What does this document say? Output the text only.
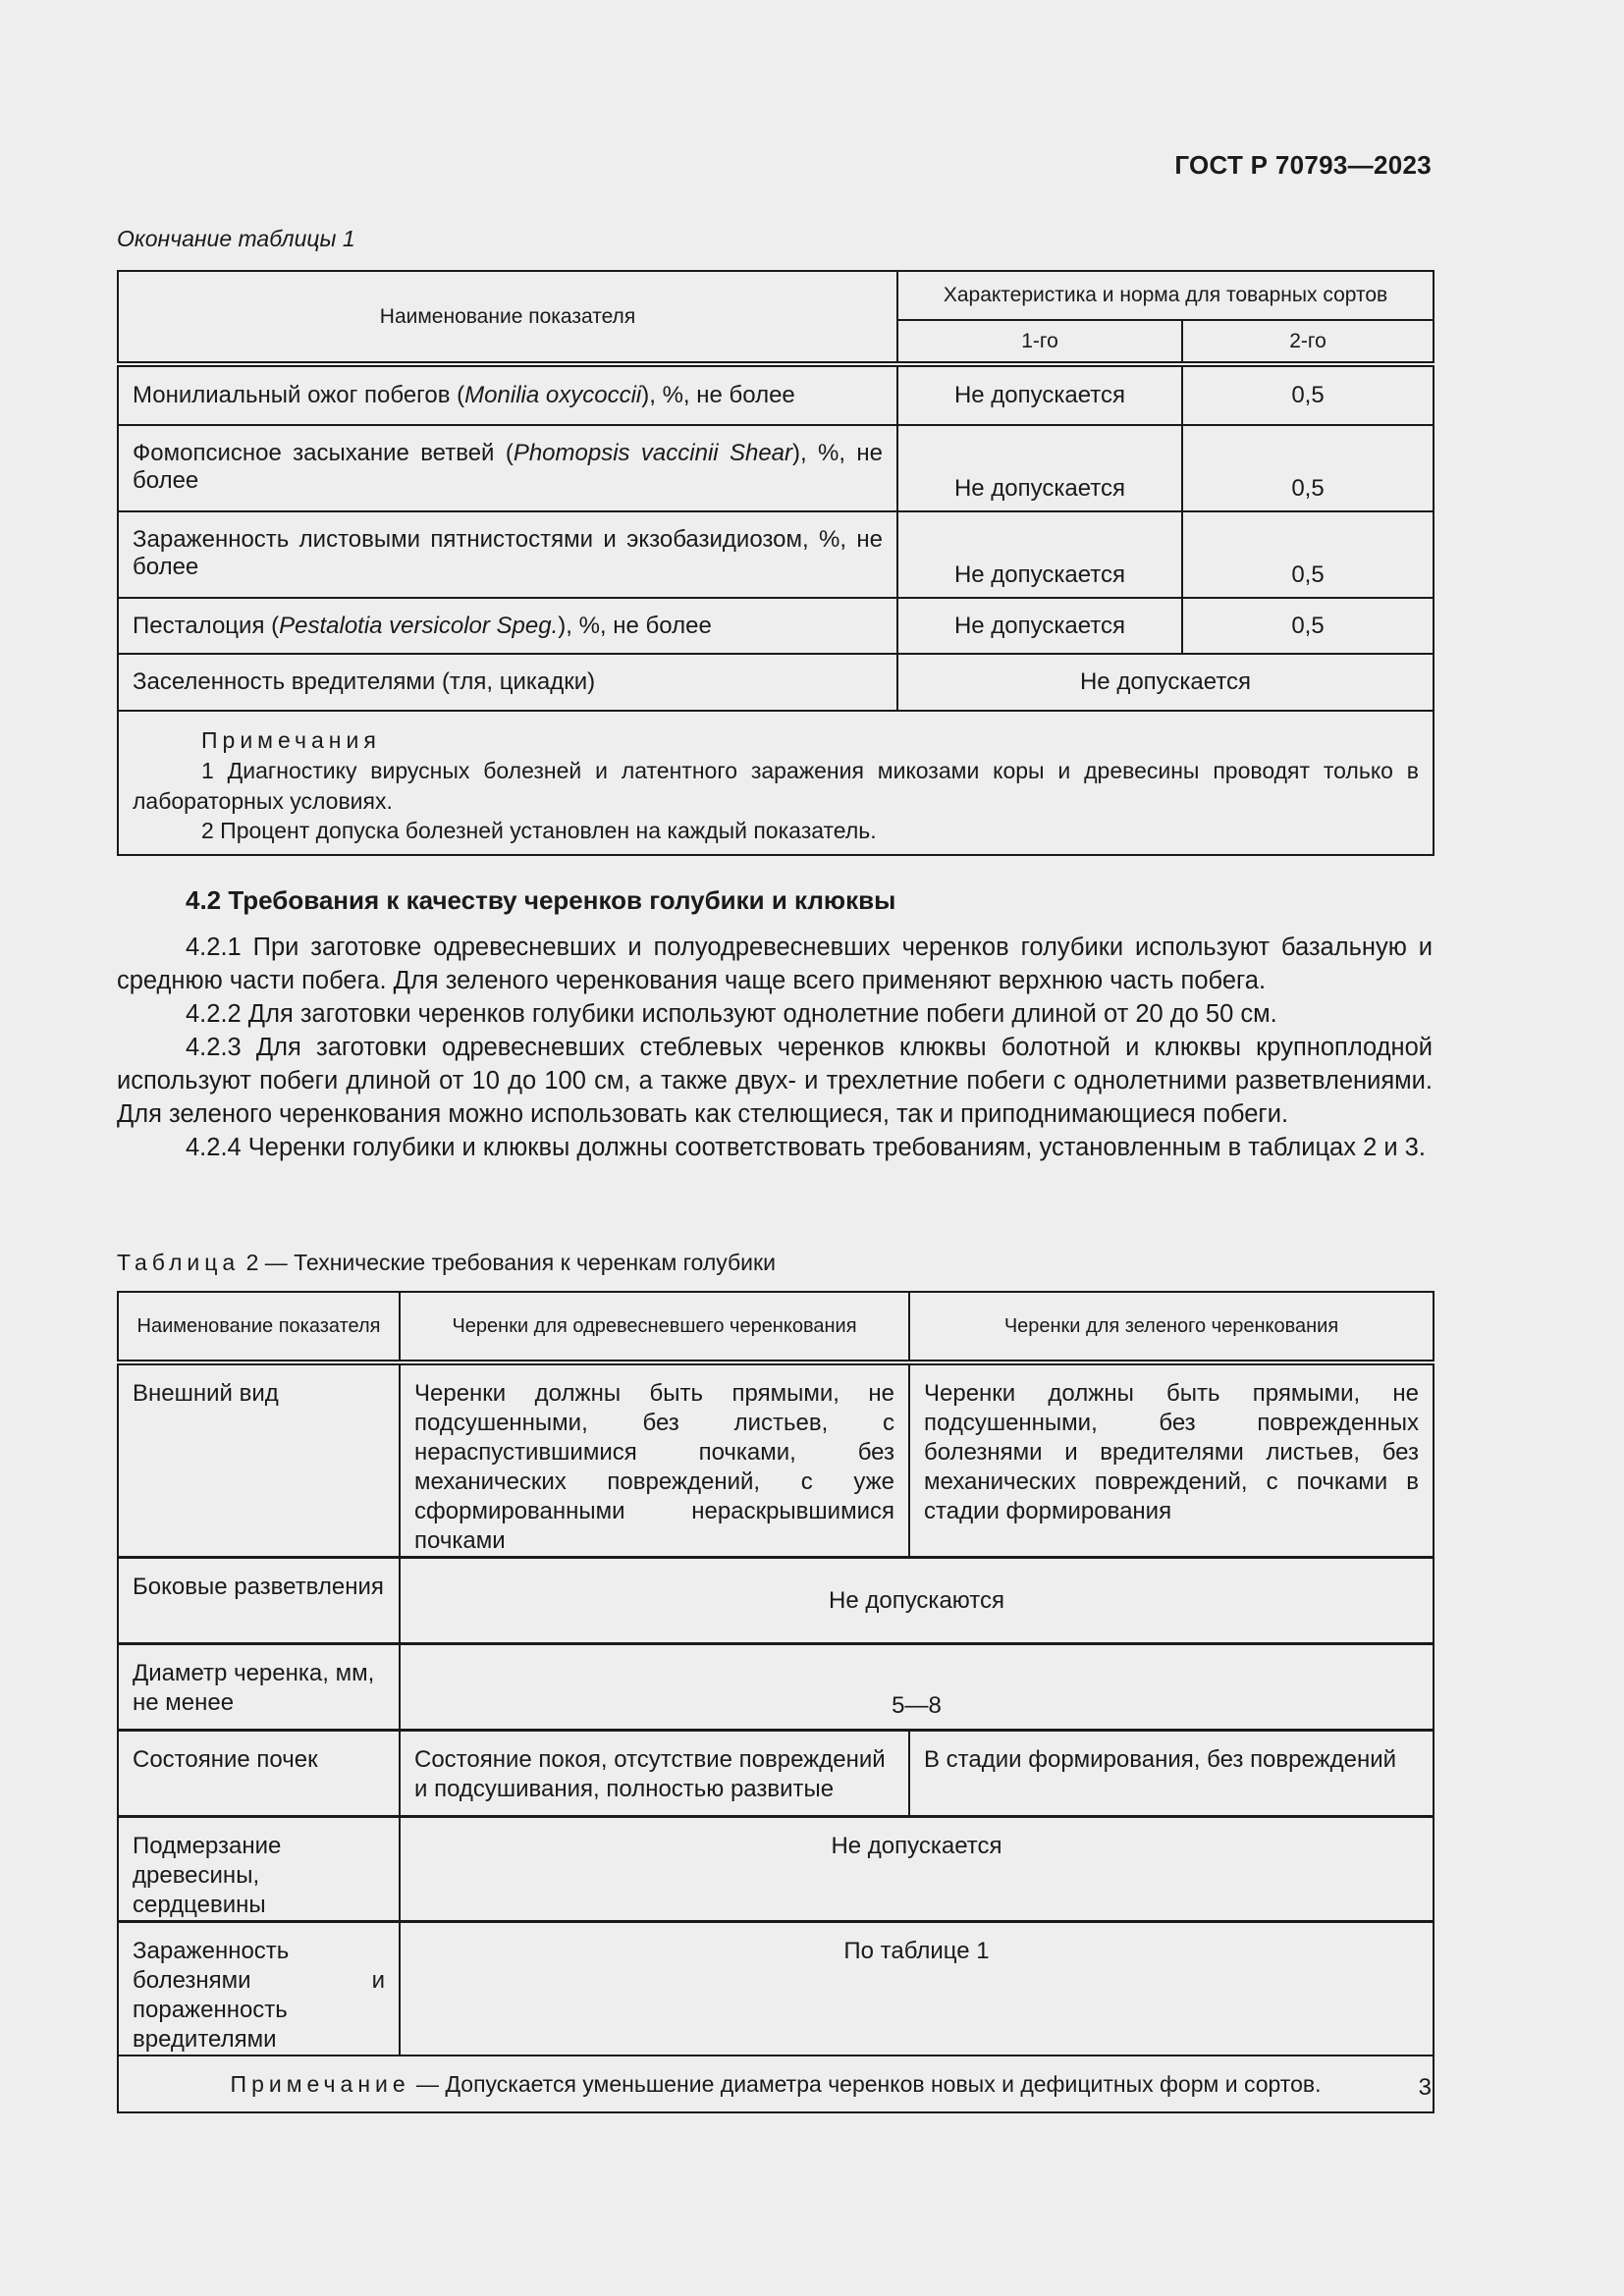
ГОСТ Р 70793—2023
Окончание таблицы 1
Наименование показателя	Характеристика и норма для товарных сортов	
	1-го	2-го
Монилиальный ожог побегов (Monilia oxycoccii), %, не более	Не допускается	0,5
Фомопсисное засыхание ветвей (Phomopsis vaccinii Shear), %, не более	Не допускается	0,5
Зараженность листовыми пятнистостями и экзобазидиозом, %, не более	Не допускается	0,5
Песталоция (Pestalotia versicolor Speg.), %, не более	Не допускается	0,5
Заселенность вредителями (тля, цикадки)	Не допускается	

Примечания
1 Диагностику вирусных болезней и латентного заражения микозами коры и древесины проводят только в лабораторных условиях.
2 Процент допуска болезней установлен на каждый показатель.		
4.2 Требования к качеству черенков голубики и клюквы

4.2.1 При заготовке одревесневших и полуодревесневших черенков голубики используют базальную и среднюю части побега. Для зеленого черенкования чаще всего применяют верхнюю часть побега.

4.2.2 Для заготовки черенков голубики используют однолетние побеги длиной от 20 до 50 см.

4.2.3 Для заготовки одревесневших стеблевых черенков клюквы болотной и клюквы крупноплодной используют побеги длиной от 10 до 100 см, а также двух- и трехлетние побеги с однолетними разветвлениями. Для зеленого черенкования можно использовать как стелющиеся, так и приподнимающиеся побеги.

4.2.4 Черенки голубики и клюквы должны соответствовать требованиям, установленным в таблицах 2 и 3.

Таблица 2 — Технические требования к черенкам голубики
Наименование показателя	Черенки для одревесневшего черенкования	Черенки для зеленого черенкования
Внешний вид	Черенки должны быть прямыми, не подсушенными, без листьев, с нераспустившимися почками, без механических повреждений, с уже сформированными нераскрывшимися почками	Черенки должны быть прямыми, не подсушенными, без поврежденных болезнями и вредителями листьев, без механических повреждений, с почками в стадии формирования
Боковые разветвления	Не допускаются	
Диаметр черенка, мм, не менее	5—8	
Состояние почек	Состояние покоя, отсутствие повреждений и подсушивания, полностью развитые	В стадии формирования, без повреждений
Подмерзание древесины, сердцевины	Не допускается	
Зараженность болезнями и пораженность вредителями	По таблице 1	
Примечание — Допускается уменьшение диаметра черенков новых и дефицитных форм и сортов.			3
